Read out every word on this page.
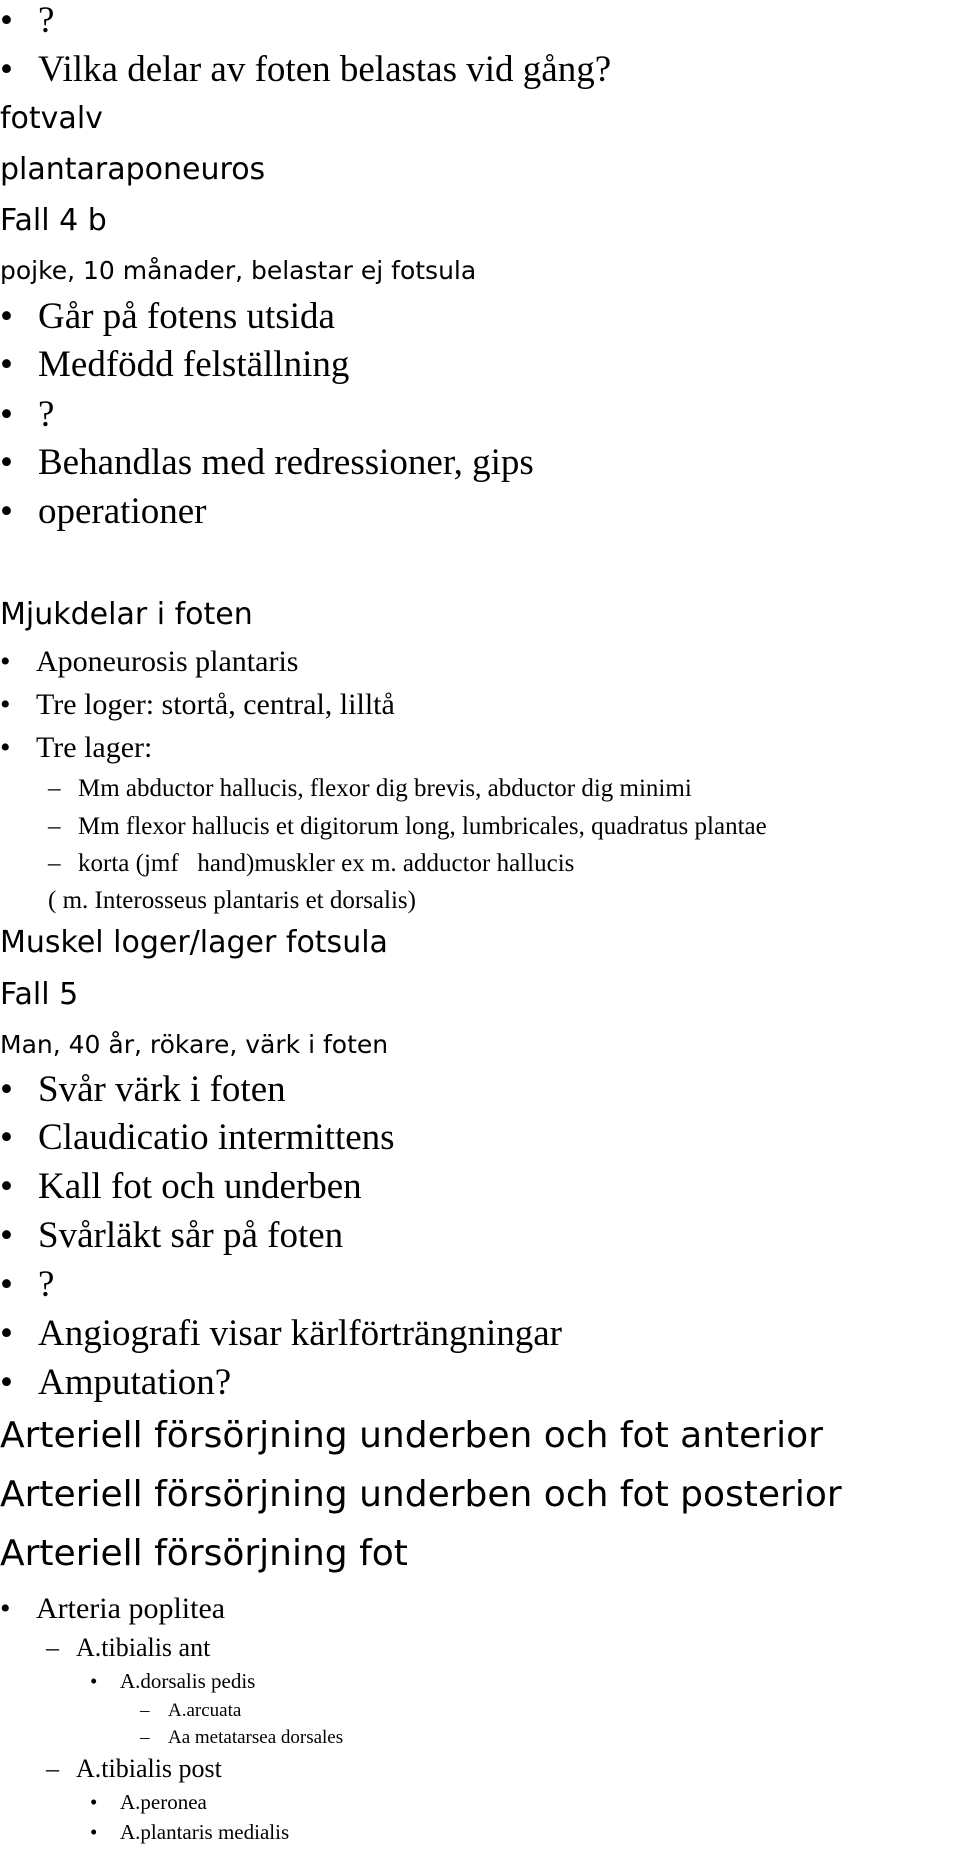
• ?
• Vilka delar av foten belastas vid gång?
fotvalv
plantaraponeuros
Fall 4 b
pojke, 10 månader, belastar ej fotsula
• Går på fotens utsida
• Medfödd felställning
• ?
• Behandlas med redressioner, gips
• operationer
Mjukdelar i foten
• Aponeurosis plantaris
• Tre loger: stortå, central, lilltå
• Tre lager:
– Mm abductor hallucis, flexor dig brevis, abductor dig minimi
– Mm flexor hallucis et digitorum long, lumbricales, quadratus plantae
– korta (jmf   hand)muskler ex m. adductor hallucis
( m. Interosseus plantaris et dorsalis)
Muskel loger/lager fotsula
Fall 5
Man, 40 år, rökare, värk i foten
• Svår värk i foten
• Claudicatio intermittens
• Kall fot och underben
• Svårläkt sår på foten
• ?
• Angiografi visar kärlförträngningar
• Amputation?
Arteriell försörjning underben och fot anterior
Arteriell försörjning underben och fot posterior
Arteriell försörjning fot
• Arteria poplitea
– A.tibialis ant
• A.dorsalis pedis
– A.arcuata
– Aa metatarsea dorsales
– A.tibialis post
• A.peronea
• A.plantaris medialis
